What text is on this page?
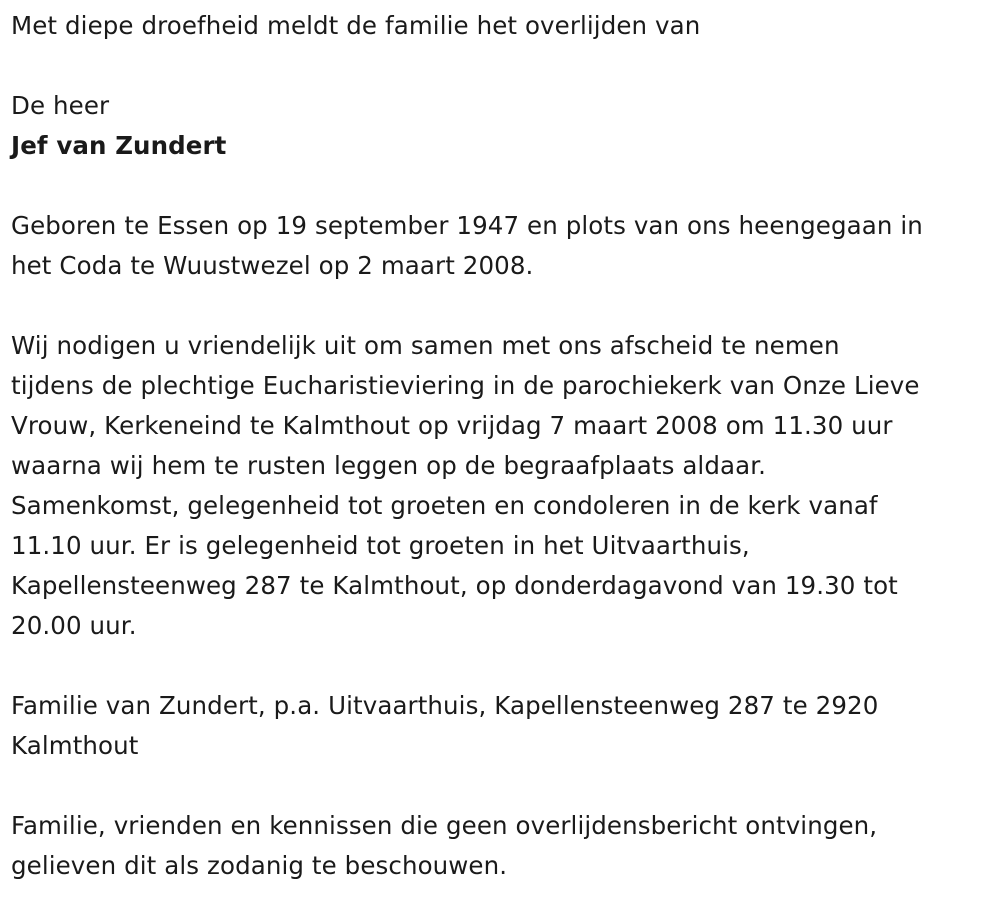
Met diepe droefheid meldt de familie het overlijden van
De heer
Jef van Zundert
Geboren te Essen op 19 september 1947 en plots van ons heengegaan in
het Coda te Wuustwezel op 2 maart 2008.
Wij nodigen u vriendelijk uit om samen met ons afscheid te nemen
tijdens de plechtige Eucharistieviering in de parochiekerk van Onze Lieve
Vrouw, Kerkeneind te Kalmthout op vrijdag 7 maart 2008 om 11.30 uur
waarna wij hem te rusten leggen op de begraafplaats aldaar.
Samenkomst, gelegenheid tot groeten en condoleren in de kerk vanaf
11.10 uur. Er is gelegenheid tot groeten in het Uitvaarthuis,
Kapellensteenweg 287 te Kalmthout, op donderdagavond van 19.30 tot
20.00 uur.
Familie van Zundert, p.a. Uitvaarthuis, Kapellensteenweg 287 te 2920
Kalmthout
Familie, vrienden en kennissen die geen overlijdensbericht ontvingen,
gelieven dit als zodanig te beschouwen.
